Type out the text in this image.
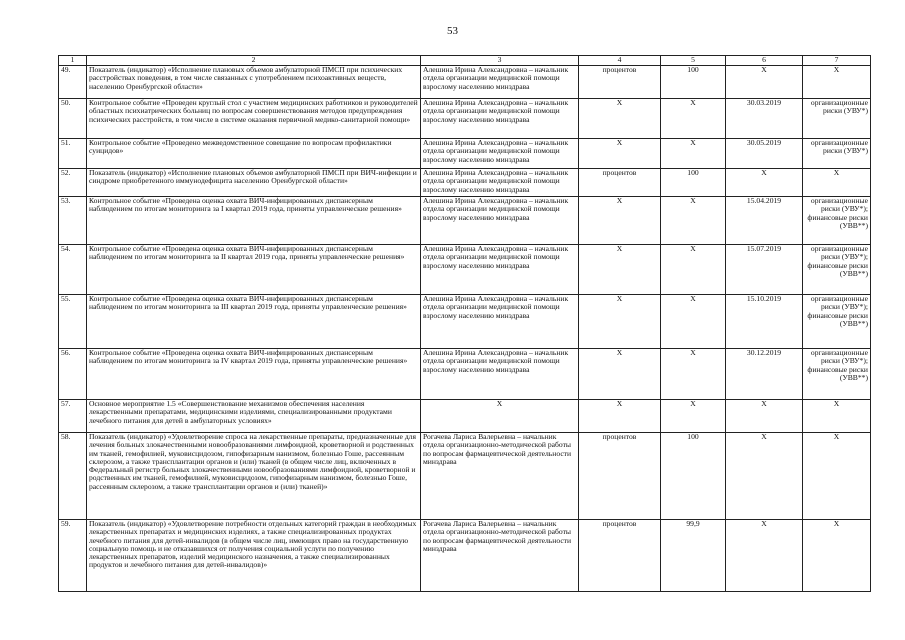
53
1	2	3	4	5	6	7
49.	Показатель (индикатор) «Исполнение плановых объемов амбулаторной ПМСП при психических расстройствах поведения, в том числе связанных с употреблением психоактивных веществ, населению Оренбургской области»	Алешина Ирина Александровна – начальник отдела организации медицинской помощи взрослому населению минздрава	процентов	100	X	X
50.	Контрольное событие «Проведен круглый стол с участием медицинских работников и руководителей областных психиатрических больниц по вопросам совершенствования методов предупреждения психических расстройств, в том числе в системе оказания первичной медико-санитарной помощи»	Алешина Ирина Александровна – начальник отдела организации медицинской помощи взрослому населению минздрава	X	X	30.03.2019	организационные риски (УВУ*)
51.	Контрольное событие «Проведено межведомственное совещание по вопросам профилактики суицидов»	Алешина Ирина Александровна – начальник отдела организации медицинской помощи взрослому населению минздрава	X	X	30.05.2019	организационные риски (УВУ*)
52.	Показатель (индикатор) «Исполнение плановых объемов амбулаторной ПМСП при ВИЧ-инфекции и синдроме приобретенного иммунодефицита населению Оренбургской области»	Алешина Ирина Александровна – начальник отдела организации медицинской помощи взрослому населению минздрава	процентов	100	X	X
53.	Контрольное событие «Проведена оценка охвата ВИЧ-инфицированных диспансерным наблюдением по итогам мониторинга за I квартал 2019 года, приняты управленческие решения»	Алешина Ирина Александровна – начальник отдела организации медицинской помощи взрослому населению минздрава	X	X	15.04.2019	организационные риски (УВУ*); финансовые риски (УВВ**)
54.	Контрольное событие «Проведена оценка охвата ВИЧ-инфицированных диспансерным наблюдением по итогам мониторинга за II квартал 2019 года, приняты управленческие решения»	Алешина Ирина Александровна – начальник отдела организации медицинской помощи взрослому населению минздрава	X	X	15.07.2019	организационные риски (УВУ*); финансовые риски (УВВ**)
55.	Контрольное событие «Проведена оценка охвата ВИЧ-инфицированных диспансерным наблюдением по итогам мониторинга за III квартал 2019 года, приняты управленческие решения»	Алешина Ирина Александровна – начальник отдела организации медицинской помощи взрослому населению минздрава	X	X	15.10.2019	организационные риски (УВУ*); финансовые риски (УВВ**)
56.	Контрольное событие «Проведена оценка охвата ВИЧ-инфицированных диспансерным наблюдением по итогам мониторинга за IV квартал 2019 года, приняты управленческие решения»	Алешина Ирина Александровна – начальник отдела организации медицинской помощи взрослому населению минздрава	X	X	30.12.2019	организационные риски (УВУ*); финансовые риски (УВВ**)
57.	Основное мероприятие 1.5 «Совершенствование механизмов обеспечения населения лекарственными препаратами, медицинскими изделиями, специализированными продуктами лечебного питания для детей в амбулаторных условиях»	X	X	X	X	X
58.	Показатель (индикатор) «Удовлетворение спроса на лекарственные препараты, предназначенные для лечения больных злокачественными новообразованиями лимфоидной, кроветворной и родственных им тканей, гемофилией, муковисцидозом, гипофизарным нанизмом, болезнью Гоше, рассеянным склерозом, а также трансплантации органов и (или) тканей (в общем числе лиц, включенных в Федеральный регистр больных злокачественными новообразованиями лимфоидной, кроветворной и родственных им тканей, гемофилией, муковисцидозом, гипофизарным нанизмом, болезнью Гоше, рассеянным склерозом, а также трансплантации органов и (или) тканей)»	Рогачева Лариса Валерьевна – начальник отдела организационно-методической работы по вопросам фармацевтической деятельности минздрава	процентов	100	X	X
59.	Показатель (индикатор) «Удовлетворение потребности отдельных категорий граждан в необходимых лекарственных препаратах и медицинских изделиях, а также специализированных продуктах лечебного питания для детей-инвалидов (в общем числе лиц, имеющих право на государственную социальную помощь и не отказавшихся от получения социальной услуги по получению лекарственных препаратов, изделий медицинского назначения, а также специализированных продуктов и лечебного питания для детей-инвалидов)»	Рогачева Лариса Валерьевна – начальник отдела организационно-методической работы по вопросам фармацевтической деятельности минздрава	процентов	99,9	X	X
